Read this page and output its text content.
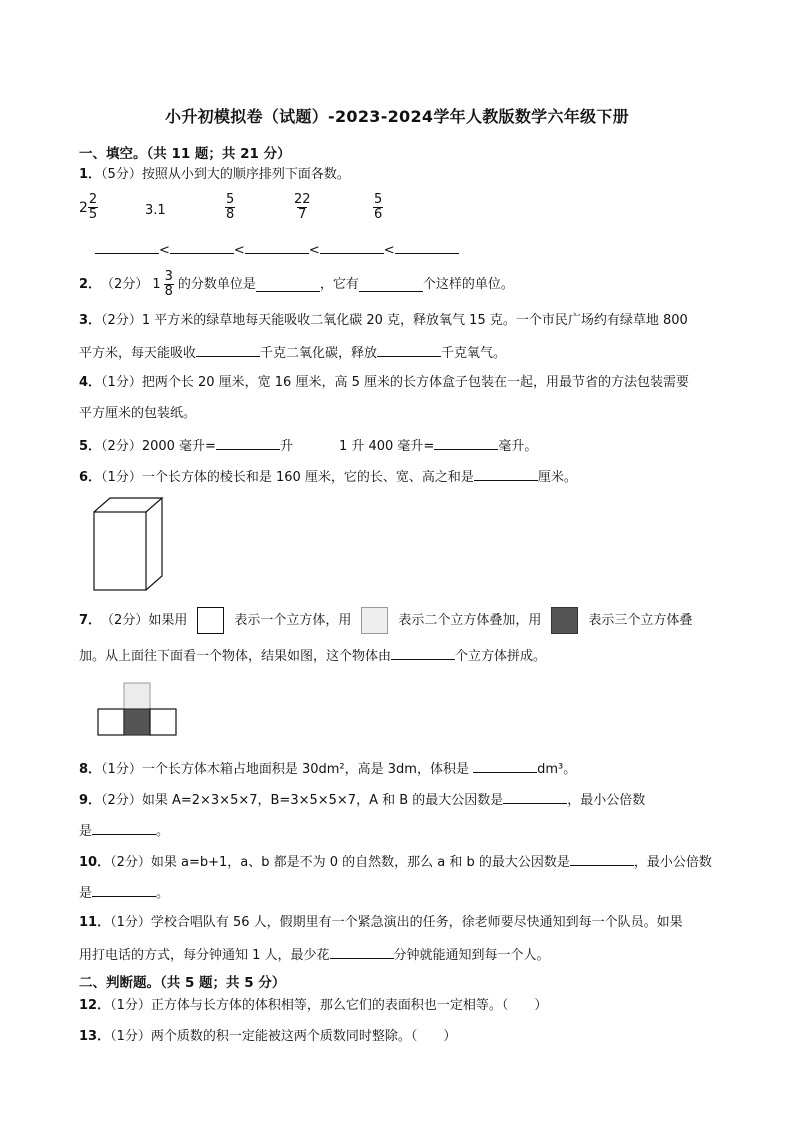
小升初模拟卷（试题）-2023-2024学年人教版数学六年级下册
一、填空。（共 11 题；共 21 分）
1．（5分）按照从小到大的顺序排列下面各数。
$2 \frac{2}{5}$	3.1	$\frac{5}{8}$	$\frac{22}{7}$	$\frac{5}{6}$
<	<	<	<
2． （2分） $1 \frac{3}{8}$ 的分数单位是	，它有	个这样的单位。
3．（2分）1 平方米的绿草地每天能吸收二氧化碳 20 克，释放氧气 15 克。一个市民广场约有绿草地 800
平方米，每天能吸收	千克二氧化碳，释放	千克氧气。
4．（1分）把两个长 20 厘米，宽 16 厘米，高 5 厘米的长方体盒子包装在一起，用最节省的方法包装需要
平方厘米的包装纸。
5．（2分）2000 毫升=	升	1 升 400 毫升=	毫升。
6．（1分）一个长方体的棱长和是 160 厘米，它的长、宽、高之和是	厘米。
7． （2分） 如果用	表示一个立方体，用	表示二个立方体叠加，用	表示三个立方体叠
加。从上面往下面看一个物体，结果如图，这个物体由	个立方体拼成。
8．（1分）一个长方体木箱占地面积是 30dm²，高是 3dm，体积是	dm³。
9．（2分）如果 A=2×3×5×7，B=3×5×5×7，A 和 B 的最大公因数是	，最小公倍数
是	。
10．（2分）如果 a=b+1，a、b 都是不为 0 的自然数，那么 a 和 b 的最大公因数是	，最小公倍数
是	。
11．（1分）学校合唱队有 56 人，假期里有一个紧急演出的任务，徐老师要尽快通知到每一个队员。如果
用打电话的方式，每分钟通知 1 人，最少花	分钟就能通知到每一个人。
二、判断题。（共 5 题；共 5 分）
12．（1分）正方体与长方体的体积相等，那么它们的表面积也一定相等。（ ）
13．（1分）两个质数的积一定能被这两个质数同时整除。（ ）
